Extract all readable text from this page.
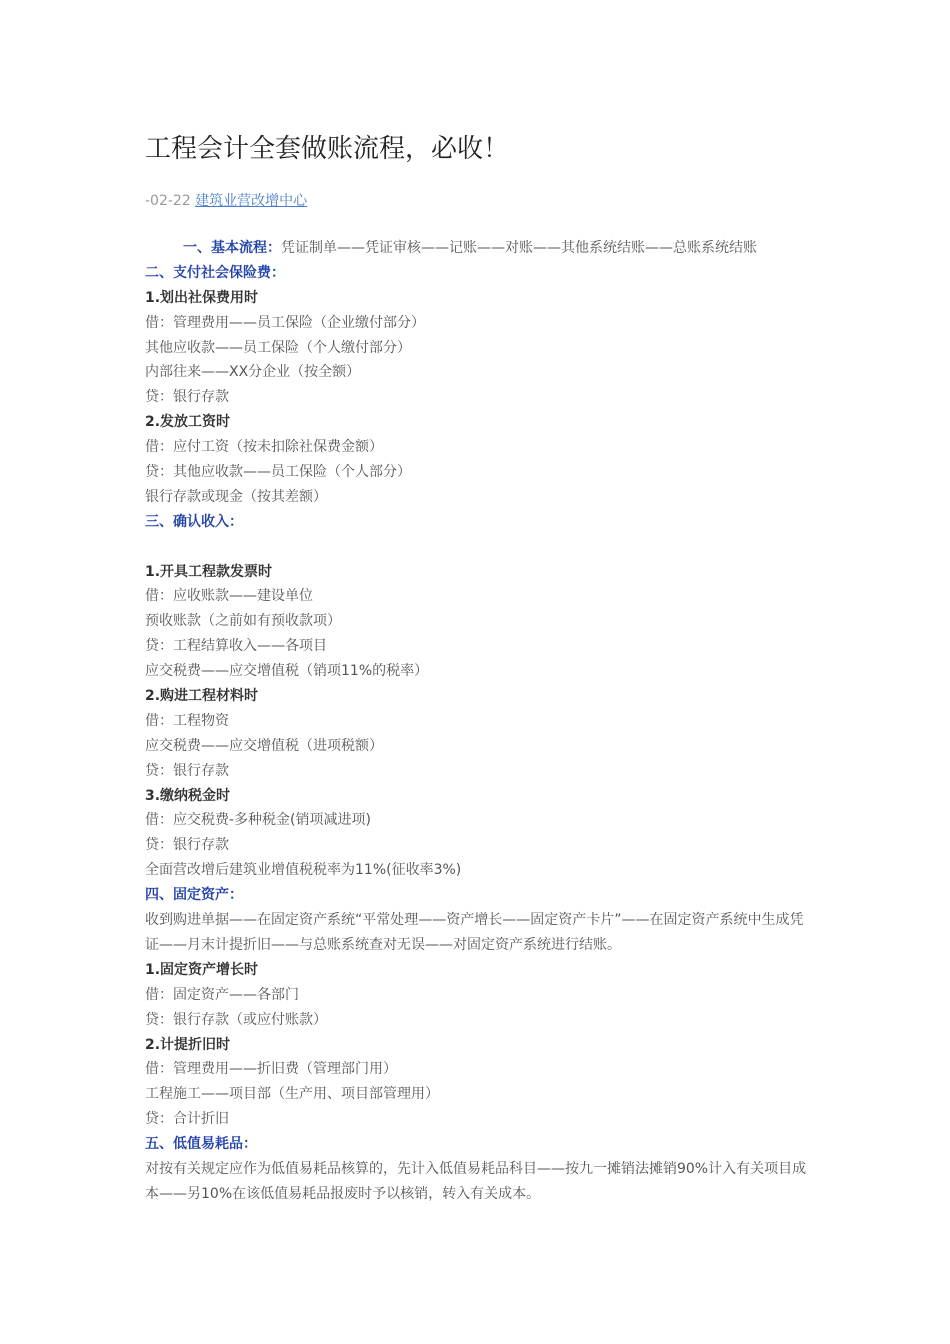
工程会计全套做账流程，必收！
-02-22 建筑业营改增中心
一、基本流程：凭证制单——凭证审核——记账——对账——其他系统结账——总账系统结账
二、支付社会保险费：
1.划出社保费用时
借：管理费用——员工保险（企业缴付部分）
其他应收款——员工保险（个人缴付部分）
内部往来——XX分企业（按全额）
贷：银行存款
2.发放工资时
借：应付工资（按未扣除社保费金额）
贷：其他应收款——员工保险（个人部分）
银行存款或现金（按其差额）
三、确认收入：
1.开具工程款发票时
借：应收账款——建设单位
预收账款（之前如有预收款项）
贷：工程结算收入——各项目
应交税费——应交增值税（销项11%的税率）
2.购进工程材料时
借：工程物资
应交税费——应交增值税（进项税额）
贷：银行存款
3.缴纳税金时
借：应交税费-多种税金(销项减进项)
贷：银行存款
全面营改增后建筑业增值税税率为11%(征收率3%)
四、固定资产：
收到购进单据——在固定资产系统“平常处理——资产增长——固定资产卡片”——在固定资产系统中生成凭证——月末计提折旧——与总账系统查对无误——对固定资产系统进行结账。
1.固定资产增长时
借：固定资产——各部门
贷：银行存款（或应付账款）
2.计提折旧时
借：管理费用——折旧费（管理部门用）
工程施工——项目部（生产用、项目部管理用）
贷：合计折旧
五、低值易耗品：
对按有关规定应作为低值易耗品核算的，先计入低值易耗品科目——按九一摊销法摊销90%计入有关项目成本——另10%在该低值易耗品报废时予以核销，转入有关成本。
